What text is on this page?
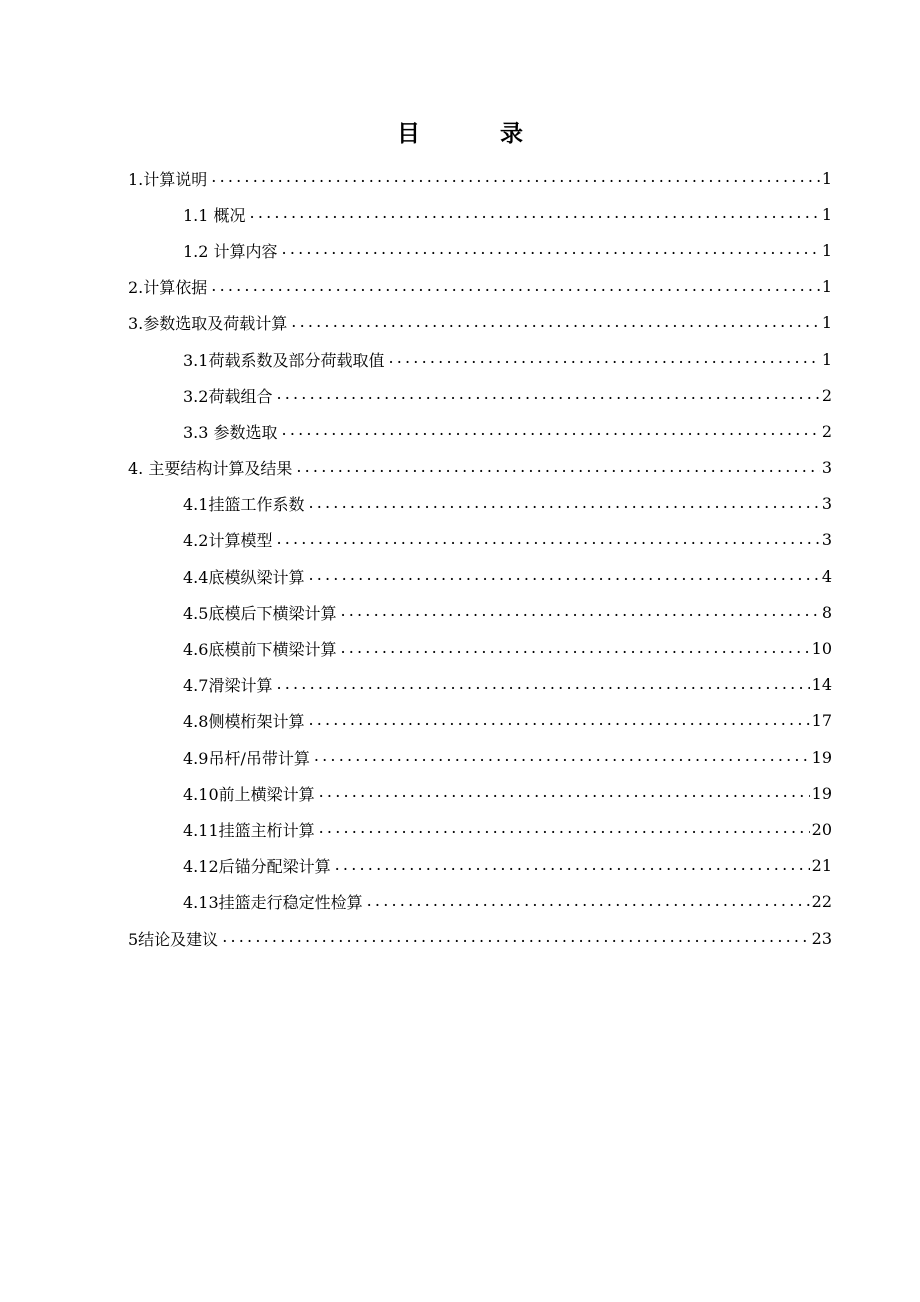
目 录
1.计算说明 .....	1
1.1 概况 .....	1
1.2 计算内容 .....	1
2.计算依据 .....	1
3.参数选取及荷载计算 .....	1
3.1荷载系数及部分荷载取值 .....	1
3.2荷载组合 .....	2
3.3 参数选取 .....	2
4. 主要结构计算及结果 .....	3
4.1挂篮工作系数 .....	3
4.2计算模型 .....	3
4.4底模纵梁计算 .....	4
4.5底模后下横梁计算 .....	8
4.6底模前下横梁计算 .....	10
4.7滑梁计算 .....	14
4.8侧模桁架计算 .....	17
4.9吊杆/吊带计算 .....	19
4.10前上横梁计算 .....	19
4.11挂篮主桁计算 .....	20
4.12后锚分配梁计算 .....	21
4.13挂篮走行稳定性检算 .....	22
5结论及建议 .....	23
